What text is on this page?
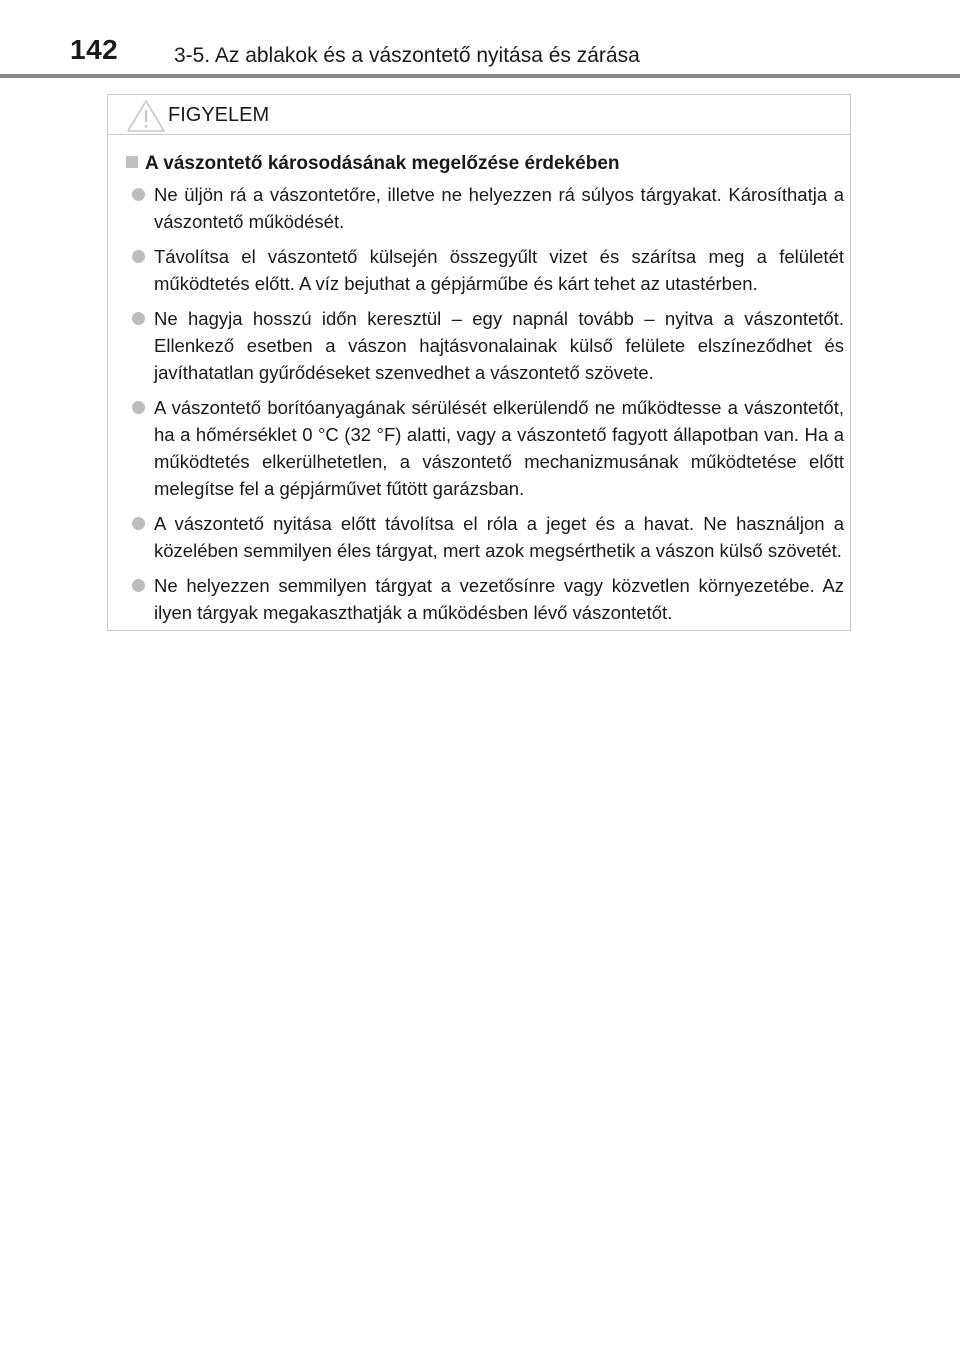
142	3-5. Az ablakok és a vászontető nyitása és zárása
FIGYELEM
A vászontető károsodásának megelőzése érdekében
Ne üljön rá a vászontetőre, illetve ne helyezzen rá súlyos tárgyakat. Károsíthatja a vászontető működését.
Távolítsa el vászontető külsején összegyűlt vizet és szárítsa meg a felületét működtetés előtt. A víz bejuthat a gépjárműbe és kárt tehet az utastérben.
Ne hagyja hosszú időn keresztül – egy napnál tovább – nyitva a vászontetőt. Ellenkező esetben a vászon hajtásvonalainak külső felülete elszíneződhet és javíthatatlan gyűrődéseket szenvedhet a vászontető szövete.
A vászontető borítóanyagának sérülését elkerülendő ne működtesse a vászontetőt, ha a hőmérséklet 0 °C (32 °F) alatti, vagy a vászontető fagyott állapotban van. Ha a működtetés elkerülhetetlen, a vászontető mechanizmusának működtetése előtt melegítse fel a gépjárművet fűtött garázsban.
A vászontető nyitása előtt távolítsa el róla a jeget és a havat. Ne használjon a közelében semmilyen éles tárgyat, mert azok megsérthetik a vászon külső szövetét.
Ne helyezzen semmilyen tárgyat a vezetősínre vagy közvetlen környezetébe. Az ilyen tárgyak megakaszthatják a működésben lévő vászontetőt.
